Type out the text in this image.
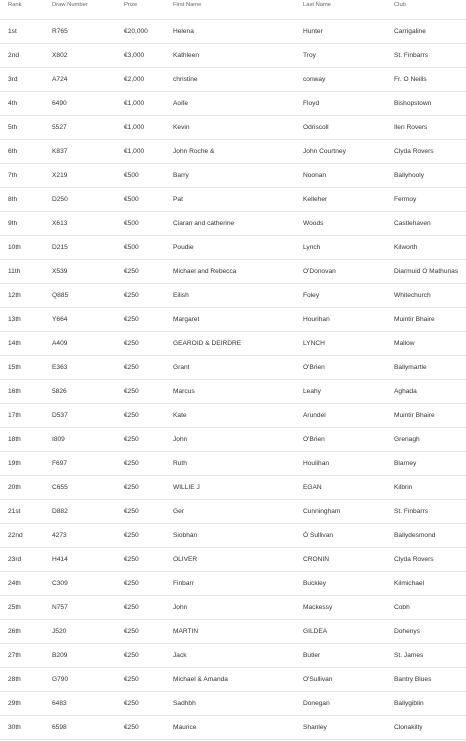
Rank	Draw Number	Prize	First Name	Last Name	Club
1st	R765	€20,000	Helena	Hunter	Carrigaline
2nd	X802	€3,000	Kathleen	Troy	St. Finbarrs
3rd	A724	€2,000	christine	conway	Fr. O Neills
4th	6490	€1,000	Aoife	Floyd	Bishopstown
5th	5527	€1,000	Kevin	Odriscoll	Ilen Rovers
6th	K837	€1,000	John Roche &	John Courtney	Clyda Rovers
7th	X219	€500	Barry	Noonan	Ballyhooly
8th	D250	€500	Pat	Kelleher	Fermoy
9th	X613	€500	Ciaran and catherine	Woods	Castlehaven
10th	D215	€500	Poudie	Lynch	Kilworth
11th	X539	€250	Michael and Rebecca	O'Donovan	Diarmuid O Mathunas
12th	Q885	€250	Eilish	Foley	Whitechurch
13th	Y664	€250	Margaret	Hourihan	Muintir Bhaire
14th	A409	€250	GEAROID & DEIRDRE	LYNCH	Mallow
15th	E363	€250	Grant	O'Brien	Ballymartle
16th	5826	€250	Marcus	Leahy	Aghada
17th	D537	€250	Kate	Arundel	Muintir Bhaire
18th	I809	€250	John	O'Brien	Grenagh
19th	F697	€250	Ruth	Houlihan	Blarney
20th	C655	€250	WILLIE J	EGAN	Kilbrin
21st	D882	€250	Ger	Cunningham	St. Finbarrs
22nd	4273	€250	Siobhán	Ó Sullivan	Ballydesmond
23rd	H414	€250	OLIVER	CRONIN	Clyda Rovers
24th	C309	€250	Finbarr	Buckley	Kilmichael
25th	N757	€250	John	Mackessy	Cobh
26th	J520	€250	MARTIN	GILDEA	Dohenys
27th	B209	€250	Jack	Butler	St. James
28th	G790	€250	Michael & Amanda	O'Sullivan	Bantry Blues
29th	6483	€250	Sadhbh	Donegan	Ballygiblin
30th	6598	€250	Maurice	Shanley	Clonakilty
